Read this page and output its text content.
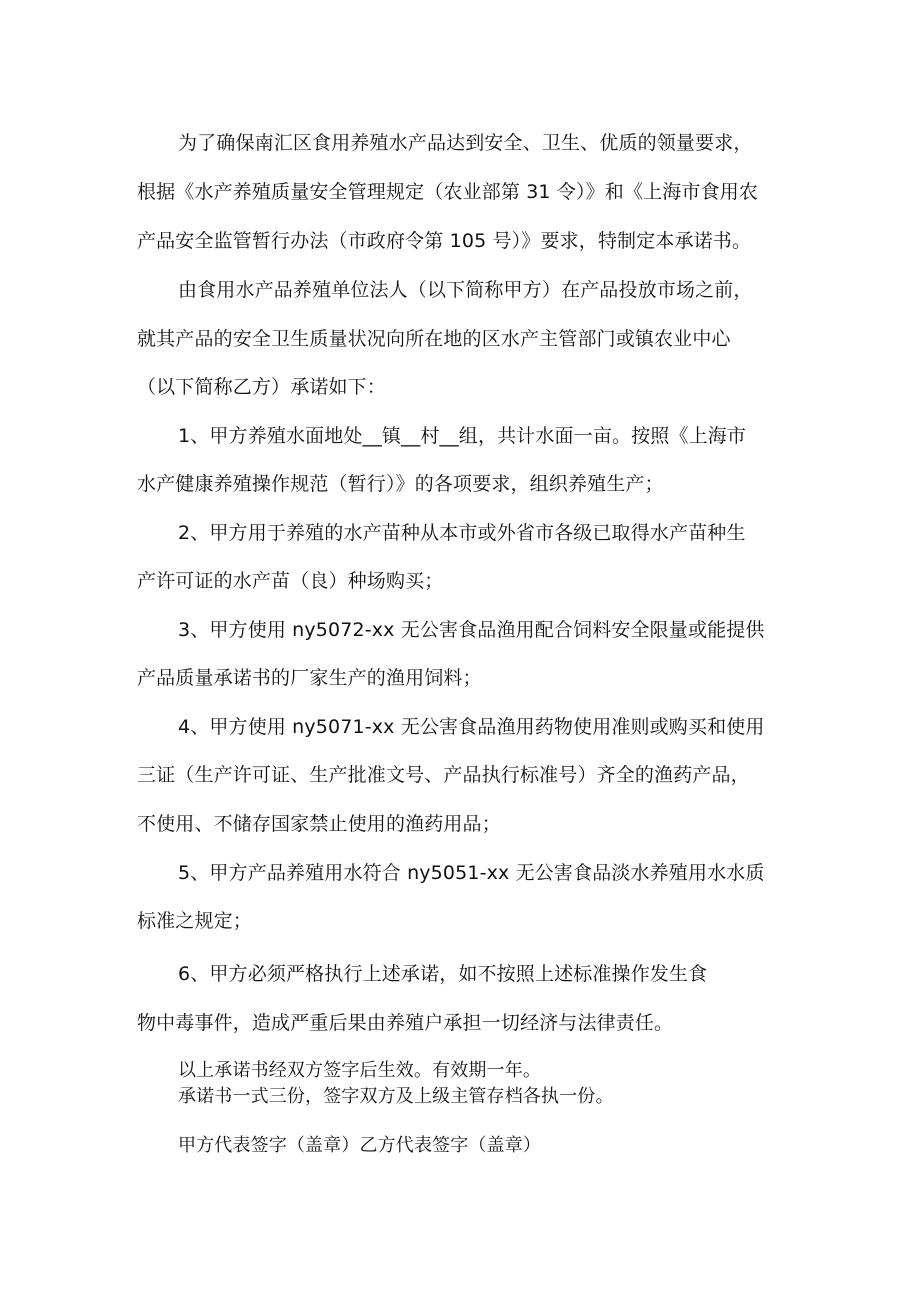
为了确保南汇区食用养殖水产品达到安全、卫生、优质的领量要求，

根据《水产养殖质量安全管理规定（农业部第 31 令）》和《上海市食用农

产品安全监管暂行办法（市政府令第 105 号）》要求，特制定本承诺书。

由食用水产品养殖单位法人（以下简称甲方）在产品投放市场之前，

就其产品的安全卫生质量状况向所在地的区水产主管部门或镇农业中心

（以下简称乙方）承诺如下：

1、甲方养殖水面地处__镇__村__组，共计水面一亩。按照《上海市

水产健康养殖操作规范（暂行）》的各项要求，组织养殖生产；

2、甲方用于养殖的水产苗种从本市或外省市各级已取得水产苗种生

产许可证的水产苗（良）种场购买；

3、甲方使用 ny5072-xx 无公害食品渔用配合饲料安全限量或能提供

产品质量承诺书的厂家生产的渔用饲料；

4、甲方使用 ny5071-xx 无公害食品渔用药物使用准则或购买和使用

三证（生产许可证、生产批准文号、产品执行标准号）齐全的渔药产品，

不使用、不储存国家禁止使用的渔药用品；

5、甲方产品养殖用水符合 ny5051-xx 无公害食品淡水养殖用水水质

标准之规定；

6、甲方必须严格执行上述承诺，如不按照上述标准操作发生食

物中毒事件，造成严重后果由养殖户承担一切经济与法律责任。

以上承诺书经双方签字后生效。有效期一年。

承诺书一式三份，签字双方及上级主管存档各执一份。

甲方代表签字（盖章）乙方代表签字（盖章）
